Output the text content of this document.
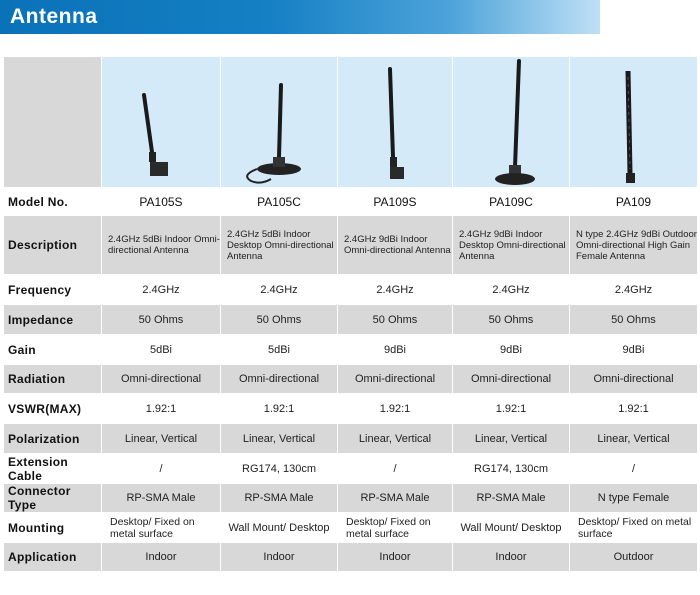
Antenna

Model No.	PA105S	PA105C	PA109S	PA109C	PA109
Description	2.4GHz 5dBi Indoor Omni-directional Antenna	2.4GHz 5dBi Indoor Desktop Omni-directional Antenna	2.4GHz 9dBi Indoor Omni-directional Antenna	2.4GHz 9dBi Indoor Desktop Omni-directional Antenna	N type 2.4GHz 9dBi Outdoor Omni-directional High Gain Female Antenna
Frequency	2.4GHz	2.4GHz	2.4GHz	2.4GHz	2.4GHz
Impedance	50 Ohms	50 Ohms	50 Ohms	50 Ohms	50 Ohms
Gain	5dBi	5dBi	9dBi	9dBi	9dBi
Radiation	Omni-directional	Omni-directional	Omni-directional	Omni-directional	Omni-directional
VSWR(MAX)	1.92:1	1.92:1	1.92:1	1.92:1	1.92:1
Polarization	Linear, Vertical	Linear, Vertical	Linear, Vertical	Linear, Vertical	Linear, Vertical
Extension Cable	/	RG174, 130cm	/	RG174, 130cm	/
Connector Type	RP-SMA Male	RP-SMA Male	RP-SMA Male	RP-SMA Male	N type Female
Mounting	Desktop/ Fixed on metal surface	Wall Mount/ Desktop	Desktop/ Fixed on metal surface	Wall Mount/ Desktop	Desktop/ Fixed on metal surface
Application	Indoor	Indoor	Indoor	Indoor	Outdoor
